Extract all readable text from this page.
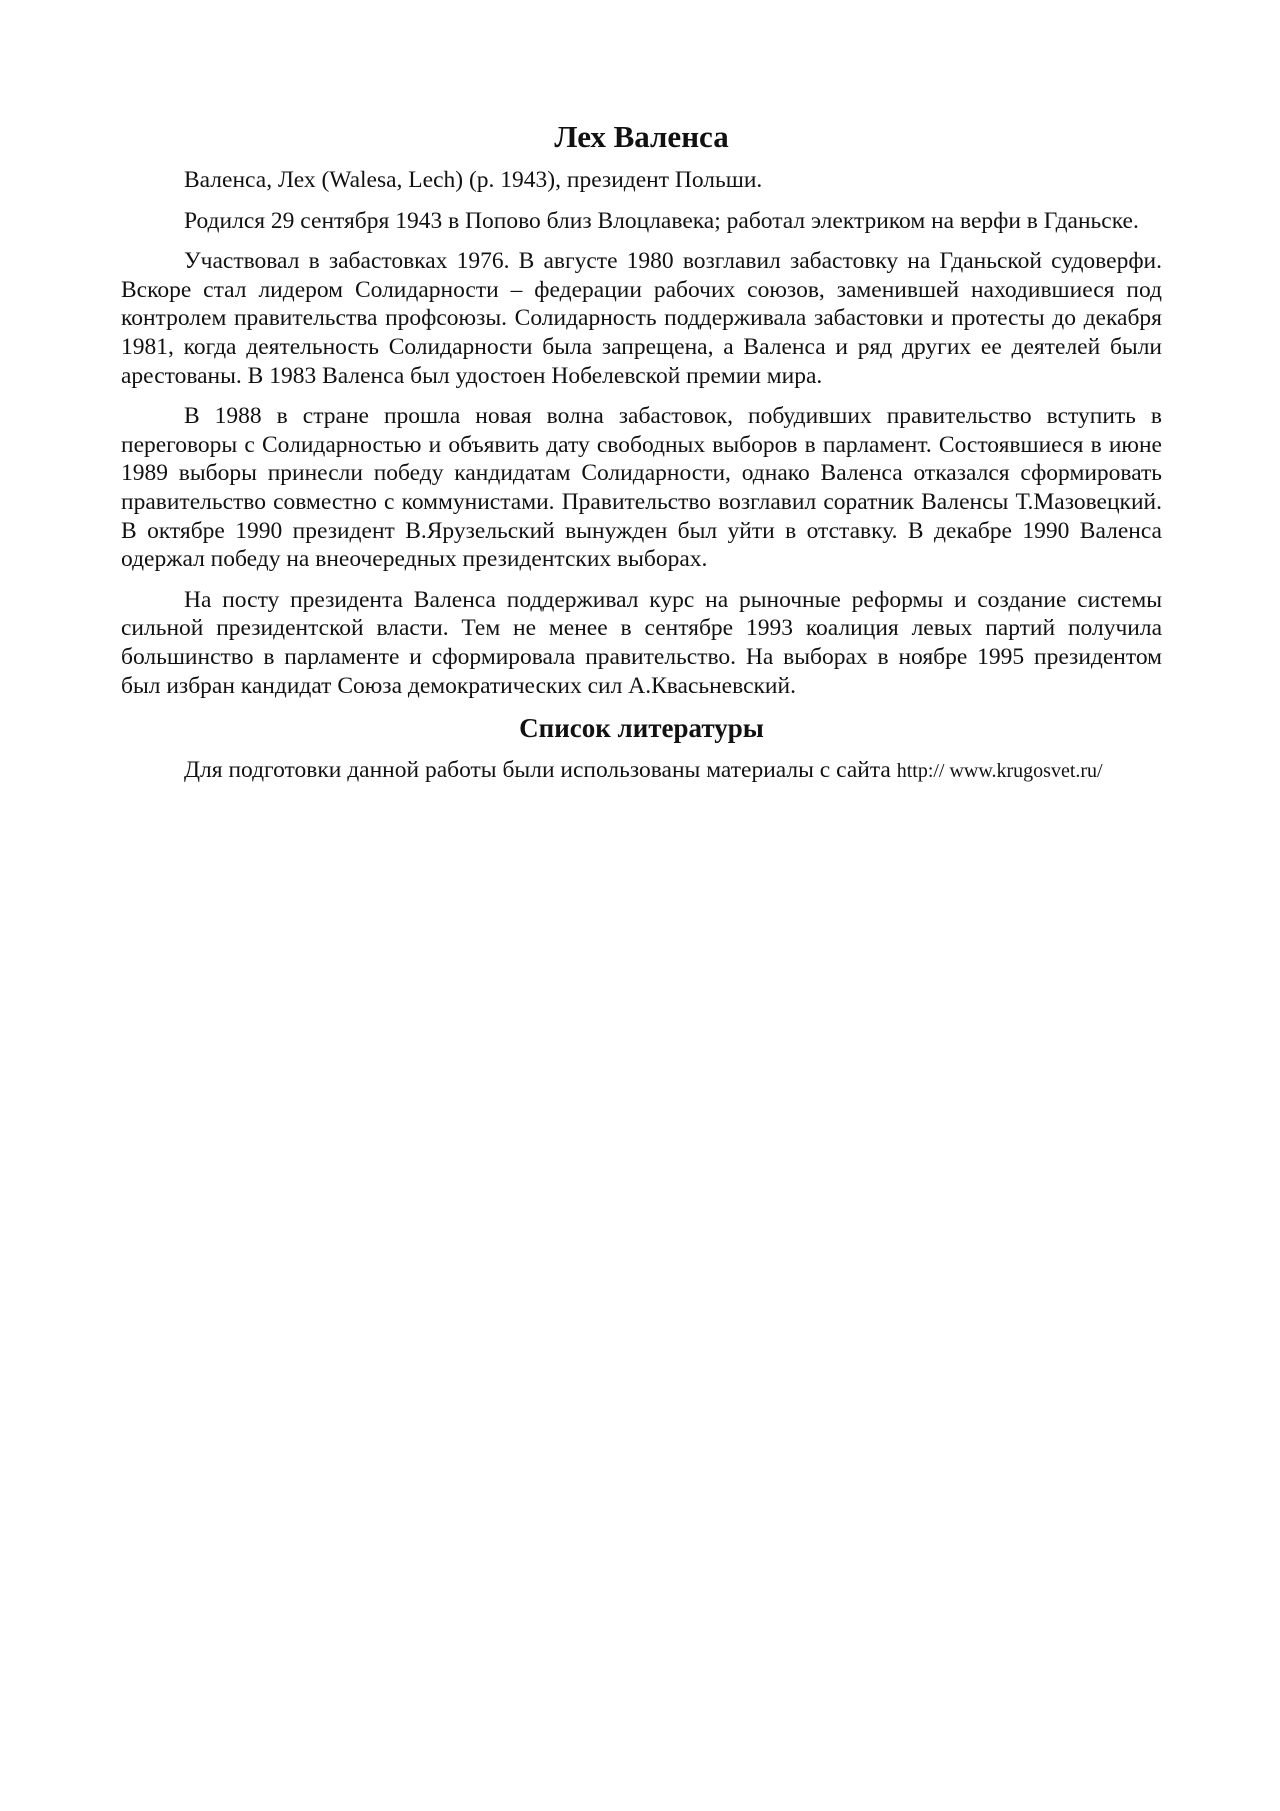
Лех Валенса

Валенса, Лех (Walesa, Lech) (р. 1943), президент Польши.

Родился 29 сентября 1943 в Попово близ Влоцлавека; работал электриком на верфи в Гданьске.

Участвовал в забастовках 1976. В августе 1980 возглавил забастовку на Гданьской судоверфи. Вскоре стал лидером Солидарности – федерации рабочих союзов, заменившей находившиеся под контролем правительства профсоюзы. Солидарность поддерживала забастовки и протесты до декабря 1981, когда деятельность Солидарности была запрещена, а Валенса и ряд других ее деятелей были арестованы. В 1983 Валенса был удостоен Нобелевской премии мира.

В 1988 в стране прошла новая волна забастовок, побудивших правительство вступить в переговоры с Солидарностью и объявить дату свободных выборов в парламент. Состоявшиеся в июне 1989 выборы принесли победу кандидатам Солидарности, однако Валенса отказался сформировать правительство совместно с коммунистами. Правительство возглавил соратник Валенсы Т.Мазовецкий. В октябре 1990 президент В.Ярузельский вынужден был уйти в отставку. В декабре 1990 Валенса одержал победу на внеочередных президентских выборах.

На посту президента Валенса поддерживал курс на рыночные реформы и создание системы сильной президентской власти. Тем не менее в сентябре 1993 коалиция левых партий получила большинство в парламенте и сформировала правительство. На выборах в ноябре 1995 президентом был избран кандидат Союза демократических сил А.Квасьневский.

Список литературы

Для подготовки данной работы были использованы материалы с сайта http:// www.krugosvet.ru/
